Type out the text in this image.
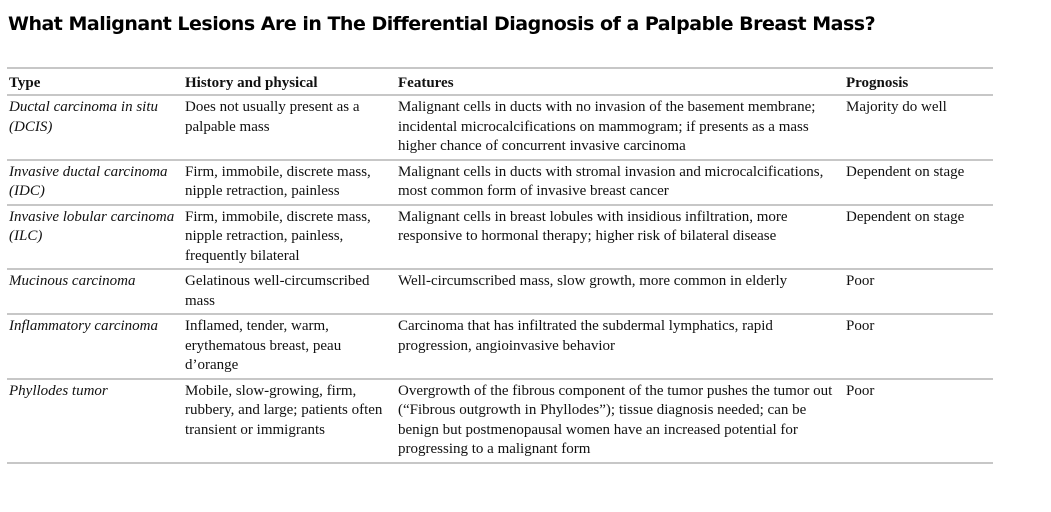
What Malignant Lesions Are in The Differential Diagnosis of a Palpable Breast Mass?
Type	History and physical	Features	Prognosis
Ductal carcinoma in situ (DCIS)	Does not usually present as a palpable mass	Malignant cells in ducts with no invasion of the basement membrane; incidental microcalcifications on mammogram; if presents as a mass higher chance of concurrent invasive carcinoma	Majority do well
Invasive ductal carcinoma (IDC)	Firm, immobile, discrete mass, nipple retraction, painless	Malignant cells in ducts with stromal invasion and microcalcifications, most common form of invasive breast cancer	Dependent on stage
Invasive lobular carcinoma (ILC)	Firm, immobile, discrete mass, nipple retraction, painless, frequently bilateral	Malignant cells in breast lobules with insidious infiltration, more responsive to hormonal therapy; higher risk of bilateral disease	Dependent on stage
Mucinous carcinoma	Gelatinous well-circumscribed mass	Well-circumscribed mass, slow growth, more common in elderly	Poor
Inflammatory carcinoma	Inflamed, tender, warm, erythematous breast, peau d’orange	Carcinoma that has infiltrated the subdermal lymphatics, rapid progression, angioinvasive behavior	Poor
Phyllodes tumor	Mobile, slow-growing, firm, rubbery, and large; patients often transient or immigrants	Overgrowth of the fibrous component of the tumor pushes the tumor out (“Fibrous outgrowth in Phyllodes”); tissue diagnosis needed; can be benign but postmenopausal women have an increased potential for progressing to a malignant form	Poor
